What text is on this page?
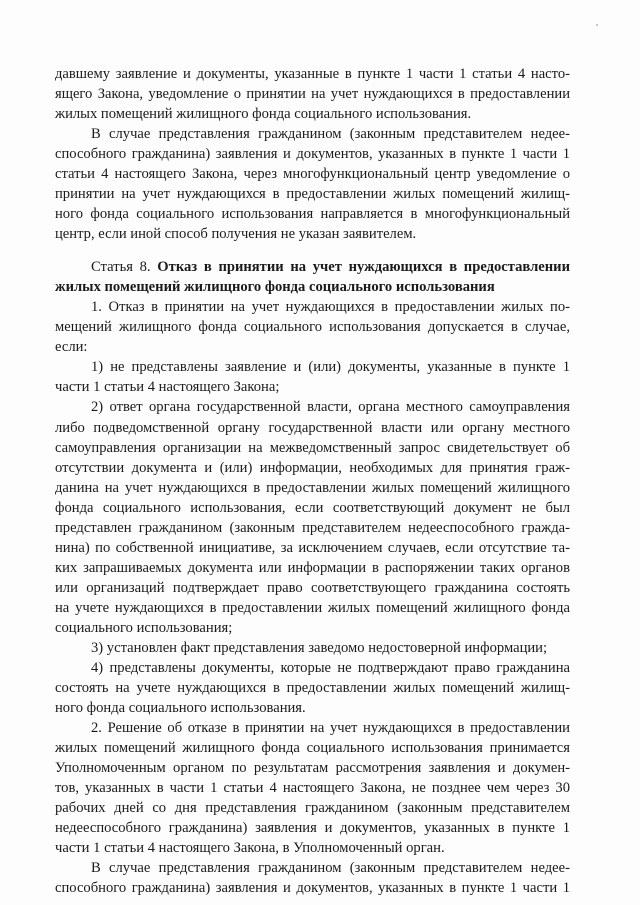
давшему заявление и документы, указанные в пункте 1 части 1 статьи 4 насто-
ящего Закона, уведомление о принятии на учет нуждающихся в предоставлении
жилых помещений жилищного фонда социального использования.
В случае представления гражданином (законным представителем недее-
способного гражданина) заявления и документов, указанных в пункте 1 части 1
статьи 4 настоящего Закона, через многофункциональный центр уведомление о
принятии на учет нуждающихся в предоставлении жилых помещений жилищ-
ного фонда социального использования направляется в многофункциональный
центр, если иной способ получения не указан заявителем.
Статья 8. Отказ в принятии на учет нуждающихся в предоставлении
жилых помещений жилищного фонда социального использования
1. Отказ в принятии на учет нуждающихся в предоставлении жилых по-
мещений жилищного фонда социального использования допускается в случае,
если:
1) не представлены заявление и (или) документы, указанные в пункте 1
части 1 статьи 4 настоящего Закона;
2) ответ органа государственной власти, органа местного самоуправления
либо подведомственной органу государственной власти или органу местного
самоуправления организации на межведомственный запрос свидетельствует об
отсутствии документа и (или) информации, необходимых для принятия граж-
данина на учет нуждающихся в предоставлении жилых помещений жилищного
фонда социального использования, если соответствующий документ не был
представлен гражданином (законным представителем недееспособного гражда-
нина) по собственной инициативе, за исключением случаев, если отсутствие та-
ких запрашиваемых документа или информации в распоряжении таких органов
или организаций подтверждает право соответствующего гражданина состоять
на учете нуждающихся в предоставлении жилых помещений жилищного фонда
социального использования;
3) установлен факт представления заведомо недостоверной информации;
4) представлены документы, которые не подтверждают право гражданина
состоять на учете нуждающихся в предоставлении жилых помещений жилищ-
ного фонда социального использования.
2. Решение об отказе в принятии на учет нуждающихся в предоставлении
жилых помещений жилищного фонда социального использования принимается
Уполномоченным органом по результатам рассмотрения заявления и докумен-
тов, указанных в части 1 статьи 4 настоящего Закона, не позднее чем через 30
рабочих дней со дня представления гражданином (законным представителем
недееспособного гражданина) заявления и документов, указанных в пункте 1
части 1 статьи 4 настоящего Закона, в Уполномоченный орган.
В случае представления гражданином (законным представителем недее-
способного гражданина) заявления и документов, указанных в пункте 1 части 1
